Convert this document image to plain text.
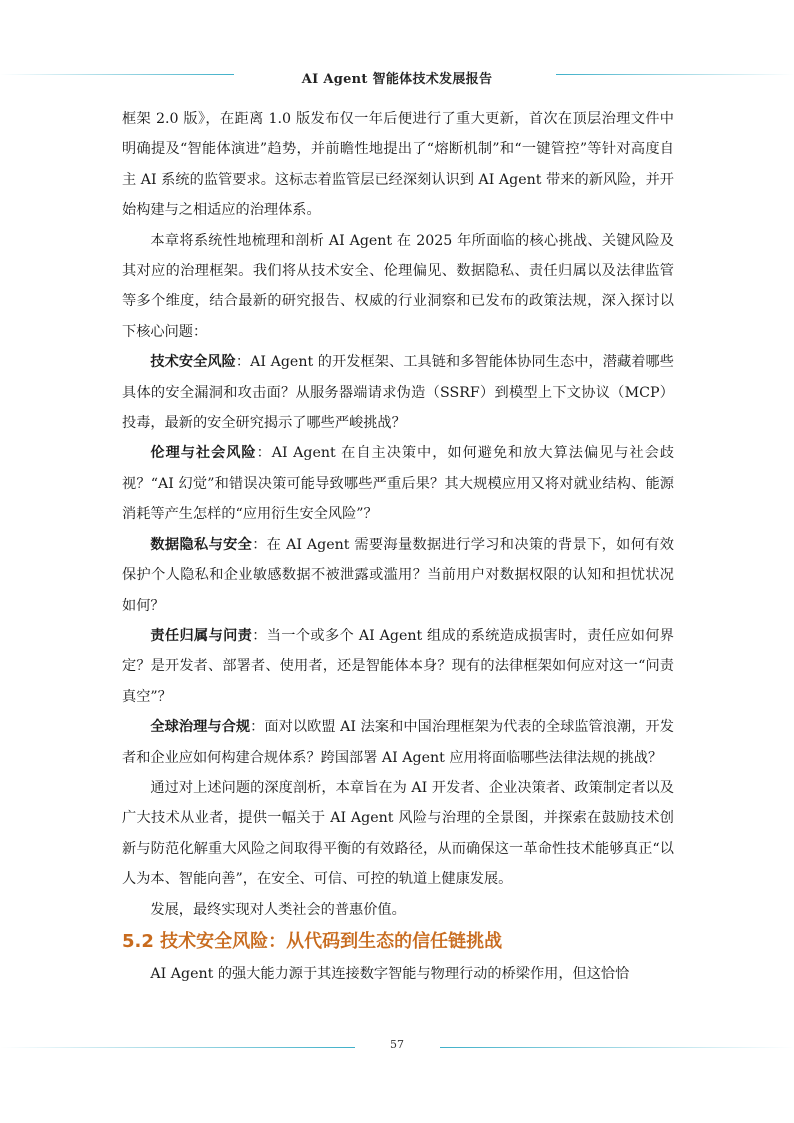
AI Agent 智能体技术发展报告

框架 2.0 版》，在距离 1.0 版发布仅一年后便进行了重大更新，首次在顶层治理文件中明确提及“智能体演进”趋势，并前瞻性地提出了“熔断机制”和“一键管控”等针对高度自主 AI 系统的监管要求。这标志着监管层已经深刻认识到 AI Agent 带来的新风险，并开始构建与之相适应的治理体系。

本章将系统性地梳理和剖析 AI Agent 在 2025 年所面临的核心挑战、关键风险及其对应的治理框架。我们将从技术安全、伦理偏见、数据隐私、责任归属以及法律监管等多个维度，结合最新的研究报告、权威的行业洞察和已发布的政策法规，深入探讨以下核心问题：

技术安全风险：AI Agent 的开发框架、工具链和多智能体协同生态中，潜藏着哪些具体的安全漏洞和攻击面？从服务器端请求伪造（SSRF）到模型上下文协议（MCP）投毒，最新的安全研究揭示了哪些严峻挑战？

伦理与社会风险：AI Agent 在自主决策中，如何避免和放大算法偏见与社会歧视？“AI 幻觉”和错误决策可能导致哪些严重后果？其大规模应用又将对就业结构、能源消耗等产生怎样的“应用衍生安全风险”？

数据隐私与安全：在 AI Agent 需要海量数据进行学习和决策的背景下，如何有效保护个人隐私和企业敏感数据不被泄露或滥用？当前用户对数据权限的认知和担忧状况如何？

责任归属与问责：当一个或多个 AI Agent 组成的系统造成损害时，责任应如何界定？是开发者、部署者、使用者，还是智能体本身？现有的法律框架如何应对这一“问责真空”？

全球治理与合规：面对以欧盟 AI 法案和中国治理框架为代表的全球监管浪潮，开发者和企业应如何构建合规体系？跨国部署 AI Agent 应用将面临哪些法律法规的挑战？

通过对上述问题的深度剖析，本章旨在为 AI 开发者、企业决策者、政策制定者以及广大技术从业者，提供一幅关于 AI Agent 风险与治理的全景图，并探索在鼓励技术创新与防范化解重大风险之间取得平衡的有效路径，从而确保这一革命性技术能够真正“以人为本、智能向善”，在安全、可信、可控的轨道上健康发展。

发展，最终实现对人类社会的普惠价值。

5.2 技术安全风险：从代码到生态的信任链挑战

AI Agent 的强大能力源于其连接数字智能与物理行动的桥梁作用，但这恰恰

57
